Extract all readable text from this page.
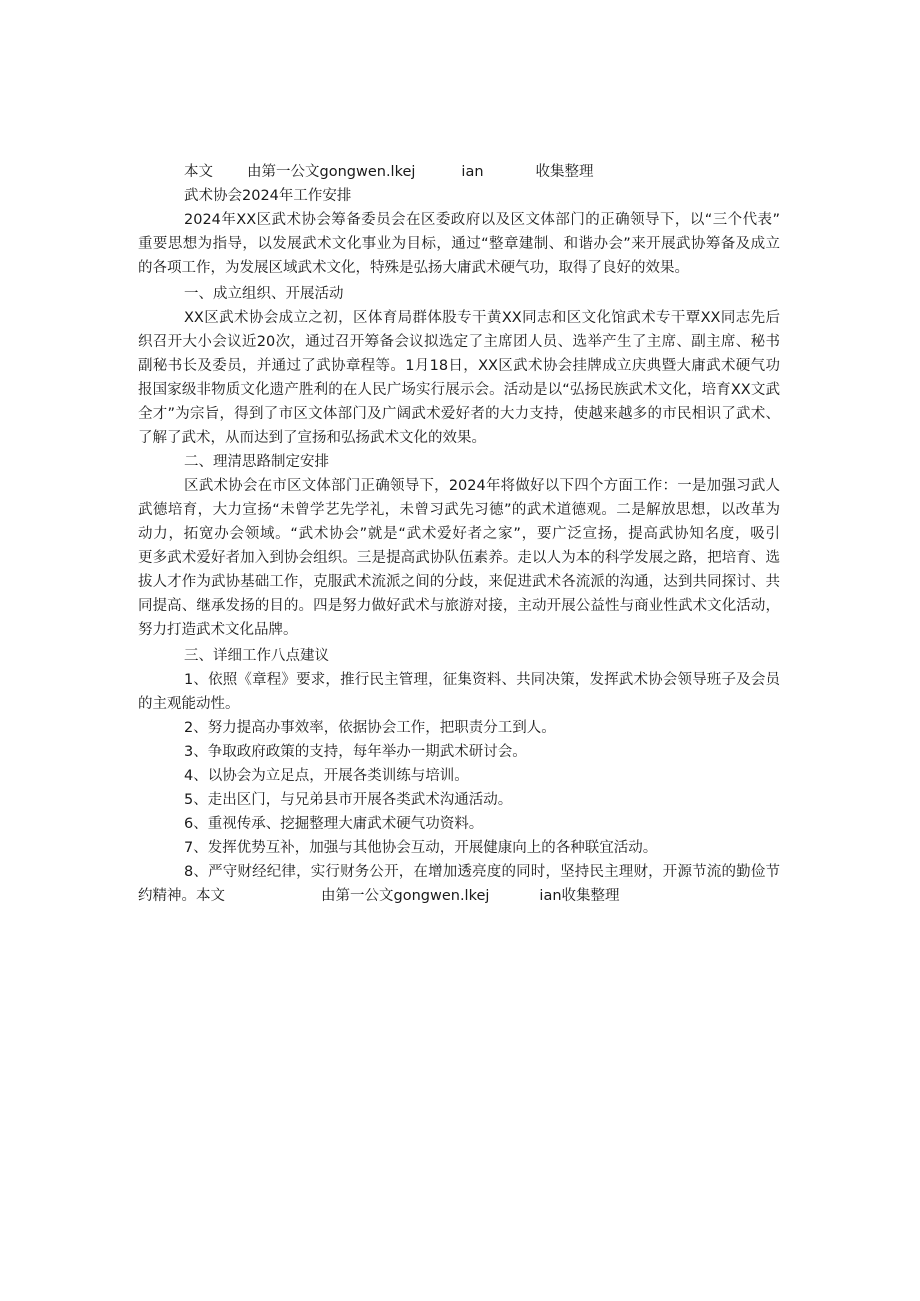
本文 由第一公文gongwen.lkej	ian	收集整理
武术协会2024年工作安排
2024年XX区武术协会筹备委员会在区委政府以及区文体部门的正确领导下，以“三个代表”
重要思想为指导，以发展武术文化事业为目标，通过“整章建制、和谐办会”来开展武协筹备及成立
的各项工作，为发展区域武术文化，特殊是弘扬大庸武术硬气功，取得了良好的效果。
一、成立组织、开展活动
XX区武术协会成立之初，区体育局群体股专干黄XX同志和区文化馆武术专干覃XX同志先后
织召开大小会议近20次，通过召开筹备会议拟选定了主席团人员、选举产生了主席、副主席、秘书
副秘书长及委员，并通过了武协章程等。1月18日，XX区武术协会挂牌成立庆典暨大庸武术硬气功
报国家级非物质文化遗产胜利的在人民广场实行展示会。活动是以“弘扬民族武术文化，培育XX文武
全才”为宗旨，得到了市区文体部门及广阔武术爱好者的大力支持，使越来越多的市民相识了武术、
了解了武术，从而达到了宣扬和弘扬武术文化的效果。
二、理清思路制定安排
区武术协会在市区文体部门正确领导下，2024年将做好以下四个方面工作：一是加强习武人
武德培育，大力宣扬“未曾学艺先学礼，未曾习武先习德”的武术道德观。二是解放思想，以改革为
动力，拓宽办会领域。“武术协会”就是“武术爱好者之家”，要广泛宣扬，提高武协知名度，吸引
更多武术爱好者加入到协会组织。三是提高武协队伍素养。走以人为本的科学发展之路，把培育、选
拔人才作为武协基础工作，克服武术流派之间的分歧，来促进武术各流派的沟通，达到共同探讨、共
同提高、继承发扬的目的。四是努力做好武术与旅游对接，主动开展公益性与商业性武术文化活动，
努力打造武术文化品牌。
三、详细工作八点建议
1、依照《章程》要求，推行民主管理，征集资料、共同决策，发挥武术协会领导班子及会员
的主观能动性。
2、努力提高办事效率，依据协会工作，把职责分工到人。
3、争取政府政策的支持，每年举办一期武术研讨会。
4、以协会为立足点，开展各类训练与培训。
5、走出区门，与兄弟县市开展各类武术沟通活动。
6、重视传承、挖掘整理大庸武术硬气功资料。
7、发挥优势互补，加强与其他协会互动，开展健康向上的各种联宜活动。
8、严守财经纪律，实行财务公开，在增加透亮度的同时，坚持民主理财，开源节流的勤俭节
约精神。本文	由第一公文gongwen.lkej	ian收集整理
